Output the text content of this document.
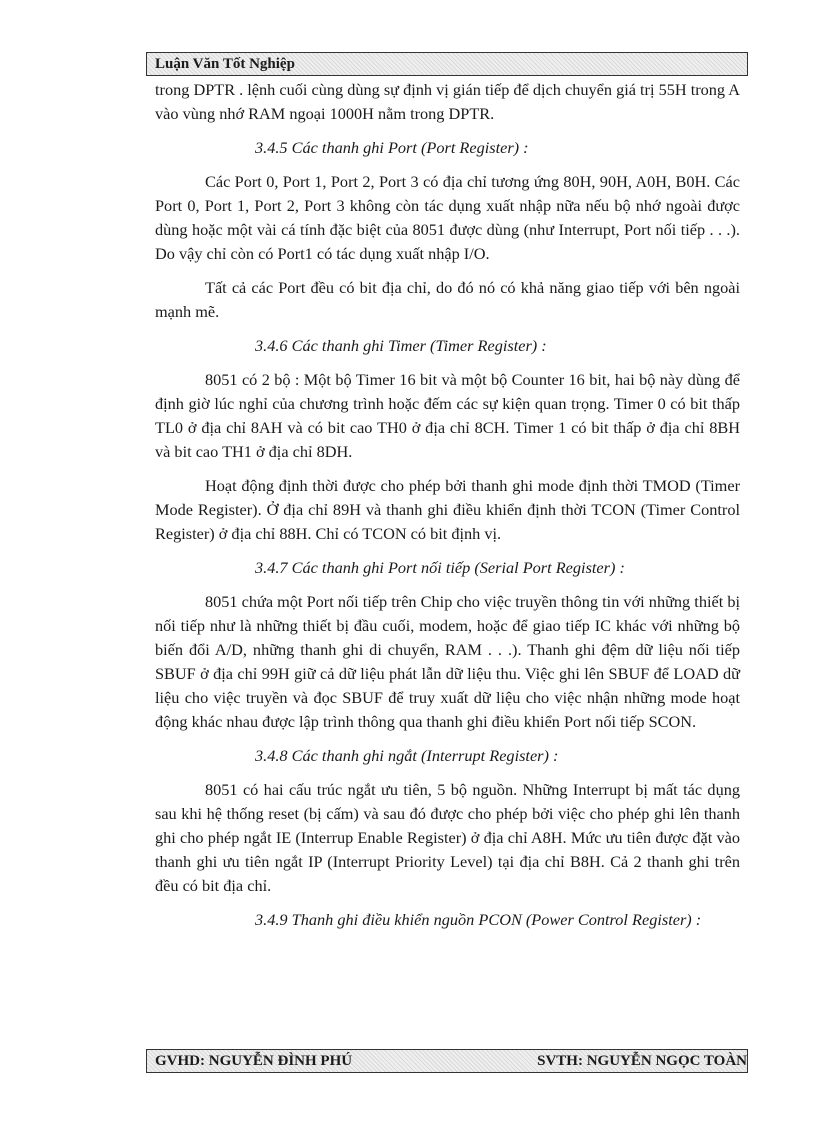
Luận Văn Tốt Nghiệp

trong DPTR . lệnh cuối cùng dùng sự định vị gián tiếp để dịch chuyển giá trị 55H trong A vào vùng nhớ RAM ngoại 1000H nằm trong DPTR.

3.4.5 Các thanh ghi Port (Port Register) :

Các Port 0, Port 1, Port 2, Port 3 có địa chỉ tương ứng 80H, 90H, A0H, B0H. Các Port 0, Port 1, Port 2, Port 3 không còn tác dụng xuất nhập nữa nếu bộ nhớ ngoài được dùng hoặc một vài cá tính đặc biệt của 8051 được dùng (như Interrupt, Port nối tiếp . . .). Do vậy chỉ còn có Port1 có tác dụng xuất nhập I/O.

Tất cả các Port đều có bit địa chỉ, do đó nó có khả năng giao tiếp với bên ngoài mạnh mẽ.

3.4.6 Các thanh ghi Timer (Timer Register) :

8051 có 2 bộ : Một bộ Timer 16 bit và một bộ Counter 16 bit, hai bộ này dùng để định giờ lúc nghỉ của chương trình hoặc đếm các sự kiện quan trọng. Timer 0 có bit thấp TL0 ở địa chỉ 8AH và có bit cao TH0 ở địa chỉ 8CH. Timer 1 có bit thấp ở địa chỉ 8BH và bit cao TH1 ở địa chỉ 8DH.

Hoạt động định thời được cho phép bởi thanh ghi mode định thời TMOD (Timer Mode Register). Ở địa chỉ 89H và thanh ghi điều khiển định thời TCON (Timer Control Register) ở địa chỉ 88H. Chỉ có TCON có bit định vị.

3.4.7 Các thanh ghi Port nối tiếp (Serial Port Register) :

8051 chứa một Port nối tiếp trên Chip cho việc truyền thông tin với những thiết bị nối tiếp như là những thiết bị đầu cuối, modem, hoặc để giao tiếp IC khác với những bộ biến đổi A/D, những thanh ghi di chuyển, RAM . . .). Thanh ghi đệm dữ liệu nối tiếp SBUF ở địa chỉ 99H giữ cả dữ liệu phát lẫn dữ liệu thu. Việc ghi lên SBUF để LOAD dữ liệu cho việc truyền và đọc SBUF để truy xuất dữ liệu cho việc nhận những mode hoạt động khác nhau được lập trình thông qua thanh ghi điều khiển Port nối tiếp SCON.

3.4.8 Các thanh ghi ngắt (Interrupt Register) :

8051 có hai cấu trúc ngắt ưu tiên, 5 bộ nguồn. Những Interrupt bị mất tác dụng sau khi hệ thống reset (bị cấm) và sau đó được cho phép bởi việc cho phép ghi lên thanh ghi cho phép ngắt IE (Interrup Enable Register) ở địa chỉ A8H. Mức ưu tiên được đặt vào thanh ghi ưu tiên ngắt IP (Interrupt Priority Level) tại địa chỉ B8H. Cả 2 thanh ghi trên đều có bit địa chỉ.

3.4.9 Thanh ghi điều khiển nguồn PCON (Power Control Register) :
GVHD: NGUYỄN ĐÌNH PHÚ	SVTH: NGUYỄN NGỌC TOÀN
